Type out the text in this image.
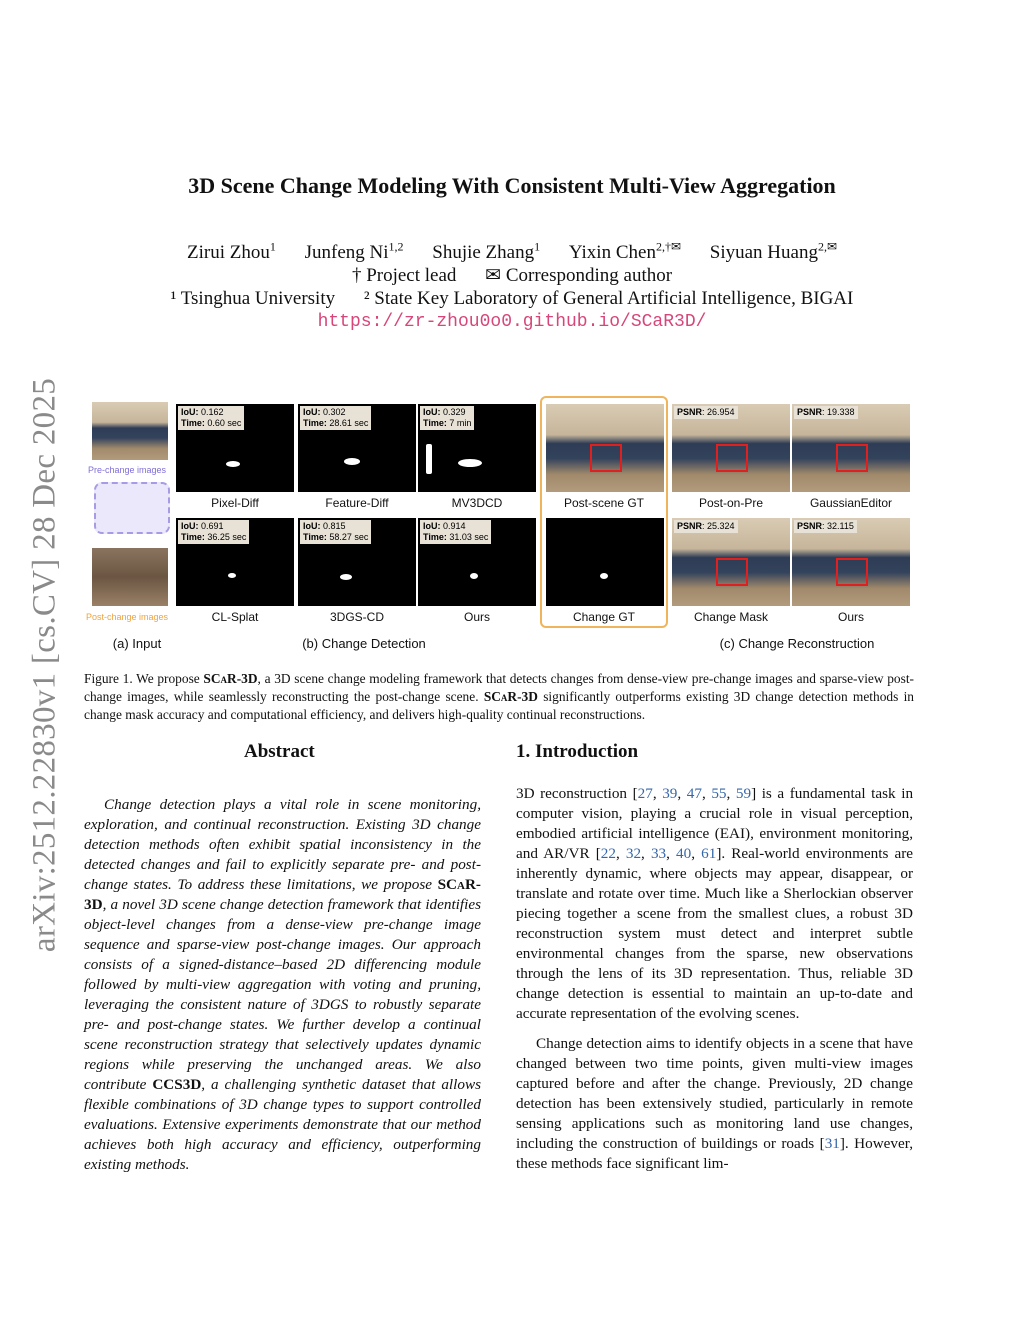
arXiv:2512.22830v1 [cs.CV] 28 Dec 2025
3D Scene Change Modeling With Consistent Multi-View Aggregation
Zirui Zhou$^1$ Junfeng Ni$^{1,2}$ Shujie Zhang$^1$ Yixin Chen$^{2,\dagger✉}$ Siyuan Huang$^{2,✉}$
† Project lead ✉ Corresponding author
¹ Tsinghua University ² State Key Laboratory of General Artificial Intelligence, BIGAI
https://zr-zhou0o0.github.io/SCaR3D/
Pre-change images
Post-change images
IoU: 0.162
Time: 0.60 sec
Pixel-Diff
IoU: 0.302
Time: 28.61 sec
Feature-Diff
IoU: 0.329
Time: 7 min
MV3DCD
IoU: 0.691
Time: 36.25 sec
CL-Splat
IoU: 0.815
Time: 58.27 sec
3DGS-CD
IoU: 0.914
Time: 31.03 sec
Ours
Post-scene GT
Change GT
PSNR: 26.954
Post-on-Pre
PSNR: 19.338
GaussianEditor
PSNR: 25.324
Change Mask
PSNR: 32.115
Ours
(a) Input	(b) Change Detection	(c) Change Reconstruction
Figure 1. We propose SCaR-3D, a 3D scene change modeling framework that detects changes from dense-view pre-change images and sparse-view post-change images, while seamlessly reconstructing the post-change scene. SCaR-3D significantly outperforms existing 3D change detection methods in change mask accuracy and computational efficiency, and delivers high-quality continual reconstructions.
Abstract

Change detection plays a vital role in scene monitoring, exploration, and continual reconstruction. Existing 3D change detection methods often exhibit spatial inconsistency in the detected changes and fail to explicitly separate pre- and post-change states. To address these limitations, we propose SCaR-3D, a novel 3D scene change detection framework that identifies object-level changes from a dense-view pre-change image sequence and sparse-view post-change images. Our approach consists of a signed-distance–based 2D differencing module followed by multi-view aggregation with voting and pruning, leveraging the consistent nature of 3DGS to robustly separate pre- and post-change states. We further develop a continual scene reconstruction strategy that selectively updates dynamic regions while preserving the unchanged areas. We also contribute CCS3D, a challenging synthetic dataset that allows flexible combinations of 3D change types to support controlled evaluations. Extensive experiments demonstrate that our method achieves both high accuracy and efficiency, outperforming existing methods.

1. Introduction

3D reconstruction [27, 39, 47, 55, 59] is a fundamental task in computer vision, playing a crucial role in visual perception, embodied artificial intelligence (EAI), environment monitoring, and AR/VR [22, 32, 33, 40, 61]. Real-world environments are inherently dynamic, where objects may appear, disappear, or translate and rotate over time. Much like a Sherlockian observer piecing together a scene from the smallest clues, a robust 3D reconstruction system must detect and interpret subtle environmental changes from the sparse, new observations through the lens of its 3D representation. Thus, reliable 3D change detection is essential to maintain an up-to-date and accurate representation of the evolving scenes.

Change detection aims to identify objects in a scene that have changed between two time points, given multi-view images captured before and after the change. Previously, 2D change detection has been extensively studied, particularly in remote sensing applications such as monitoring land use changes, including the construction of buildings or roads [31]. However, these methods face significant lim-
